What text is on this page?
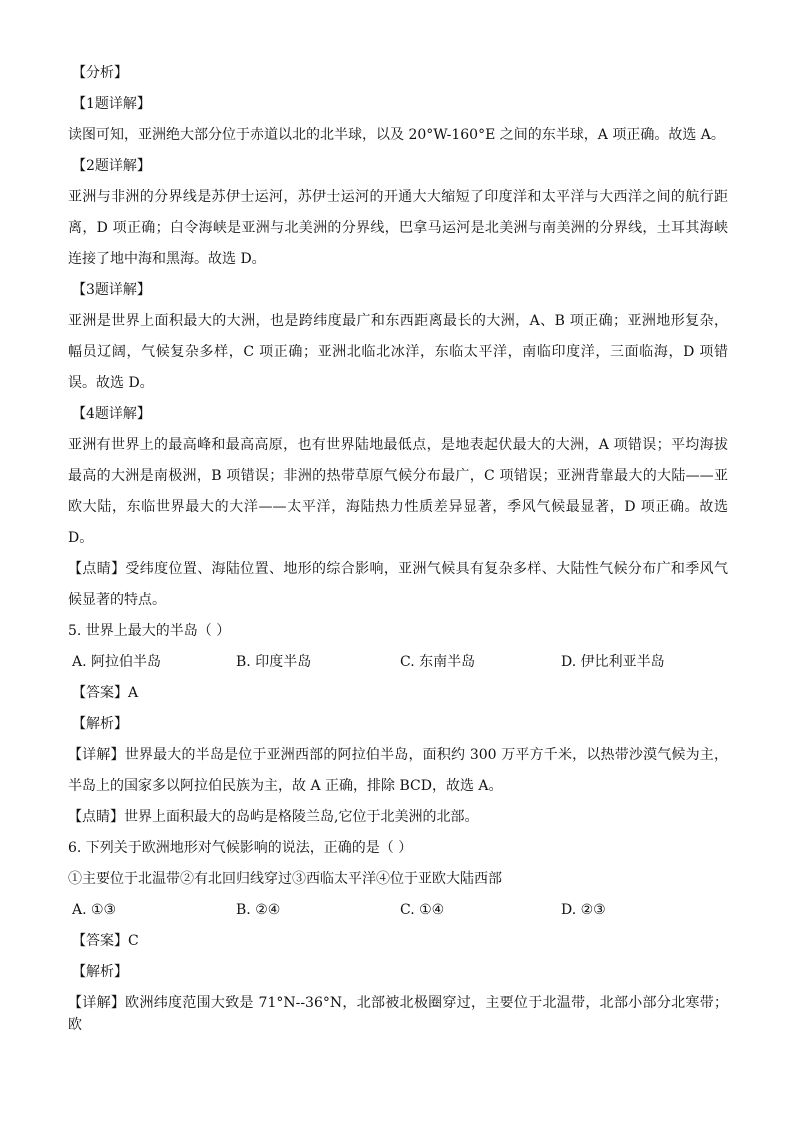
【分析】
【1题详解】
读图可知，亚洲绝大部分位于赤道以北的北半球，以及 20°W-160°E 之间的东半球，A 项正确。故选 A。
【2题详解】
亚洲与非洲的分界线是苏伊士运河，苏伊士运河的开通大大缩短了印度洋和太平洋与大西洋之间的航行距
离，D 项正确；白令海峡是亚洲与北美洲的分界线，巴拿马运河是北美洲与南美洲的分界线，土耳其海峡
连接了地中海和黑海。故选 D。
【3题详解】
亚洲是世界上面积最大的大洲，也是跨纬度最广和东西距离最长的大洲，A、B 项正确；亚洲地形复杂，
幅员辽阔，气候复杂多样，C 项正确；亚洲北临北冰洋，东临太平洋，南临印度洋，三面临海，D 项错
误。故选 D。
【4题详解】
亚洲有世界上的最高峰和最高高原，也有世界陆地最低点，是地表起伏最大的大洲，A 项错误；平均海拔
最高的大洲是南极洲，B 项错误；非洲的热带草原气候分布最广，C 项错误；亚洲背靠最大的大陆——亚
欧大陆，东临世界最大的大洋——太平洋，海陆热力性质差异显著，季风气候最显著，D 项正确。故选
D。
【点睛】受纬度位置、海陆位置、地形的综合影响，亚洲气候具有复杂多样、大陆性气候分布广和季风气
候显著的特点。
5. 世界上最大的半岛（ ）
A. 阿拉伯半岛	B. 印度半岛	C. 东南半岛	D. 伊比利亚半岛
【答案】A
【解析】
【详解】世界最大的半岛是位于亚洲西部的阿拉伯半岛，面积约 300 万平方千米，以热带沙漠气候为主，
半岛上的国家多以阿拉伯民族为主，故 A 正确，排除 BCD，故选 A。
【点睛】世界上面积最大的岛屿是格陵兰岛,它位于北美洲的北部。
6. 下列关于欧洲地形对气候影响的说法，正确的是（ ）
①主要位于北温带②有北回归线穿过③西临太平洋④位于亚欧大陆西部
A. ①③	B. ②④	C. ①④	D. ②③
【答案】C
【解析】
【详解】欧洲纬度范围大致是 71°N--36°N，北部被北极圈穿过，主要位于北温带，北部小部分北寒带；欧
